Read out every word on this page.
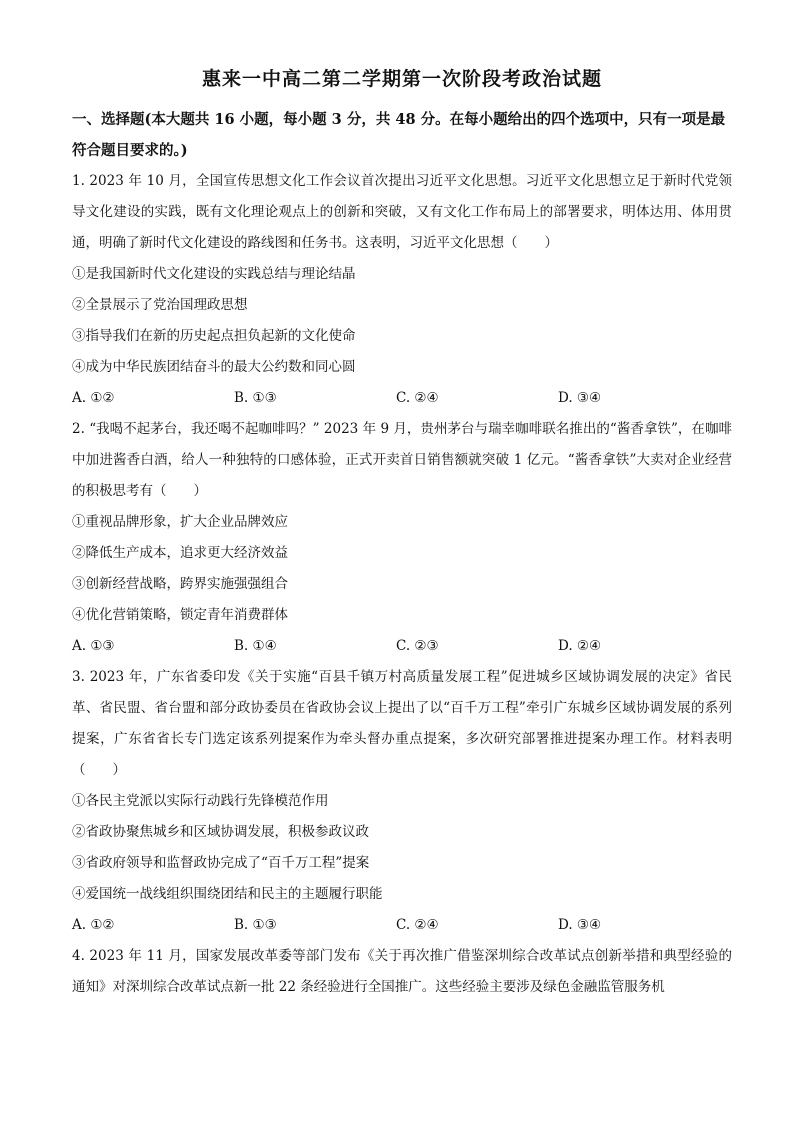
惠来一中高二第二学期第一次阶段考政治试题

一、选择题(本大题共 16 小题，每小题 3 分，共 48 分。在每小题给出的四个选项中，只有一项是最符合题目要求的。)

1. 2023 年 10 月，全国宣传思想文化工作会议首次提出习近平文化思想。习近平文化思想立足于新时代党领导文化建设的实践，既有文化理论观点上的创新和突破，又有文化工作布局上的部署要求，明体达用、体用贯通，明确了新时代文化建设的路线图和任务书。这表明，习近平文化思想（　　）

①是我国新时代文化建设的实践总结与理论结晶

②全景展示了党治国理政思想

③指导我们在新的历史起点担负起新的文化使命

④成为中华民族团结奋斗的最大公约数和同心圆

A. ①②	B. ①③	C. ②④	D. ③④

2. “我喝不起茅台，我还喝不起咖啡吗？” 2023 年 9 月，贵州茅台与瑞幸咖啡联名推出的“酱香拿铁”，在咖啡中加进酱香白酒，给人一种独特的口感体验，正式开卖首日销售额就突破 1 亿元。“酱香拿铁”大卖对企业经营的积极思考有（　　）

①重视品牌形象，扩大企业品牌效应

②降低生产成本，追求更大经济效益

③创新经营战略，跨界实施强强组合

④优化营销策略，锁定青年消费群体

A. ①③	B. ①④	C. ②③	D. ②④

3. 2023 年，广东省委印发《关于实施“百县千镇万村高质量发展工程”促进城乡区域协调发展的决定》省民革、省民盟、省台盟和部分政协委员在省政协会议上提出了以“百千万工程”牵引广东城乡区域协调发展的系列提案，广东省省长专门选定该系列提案作为牵头督办重点提案，多次研究部署推进提案办理工作。材料表明（　　）

①各民主党派以实际行动践行先锋模范作用

②省政协聚焦城乡和区域协调发展，积极参政议政

③省政府领导和监督政协完成了“百千万工程”提案

④爱国统一战线组织围绕团结和民主的主题履行职能

A. ①②	B. ①③	C. ②④	D. ③④

4. 2023 年 11 月，国家发展改革委等部门发布《关于再次推广借鉴深圳综合改革试点创新举措和典型经验的通知》对深圳综合改革试点新一批 22 条经验进行全国推广。这些经验主要涉及绿色金融监管服务机
